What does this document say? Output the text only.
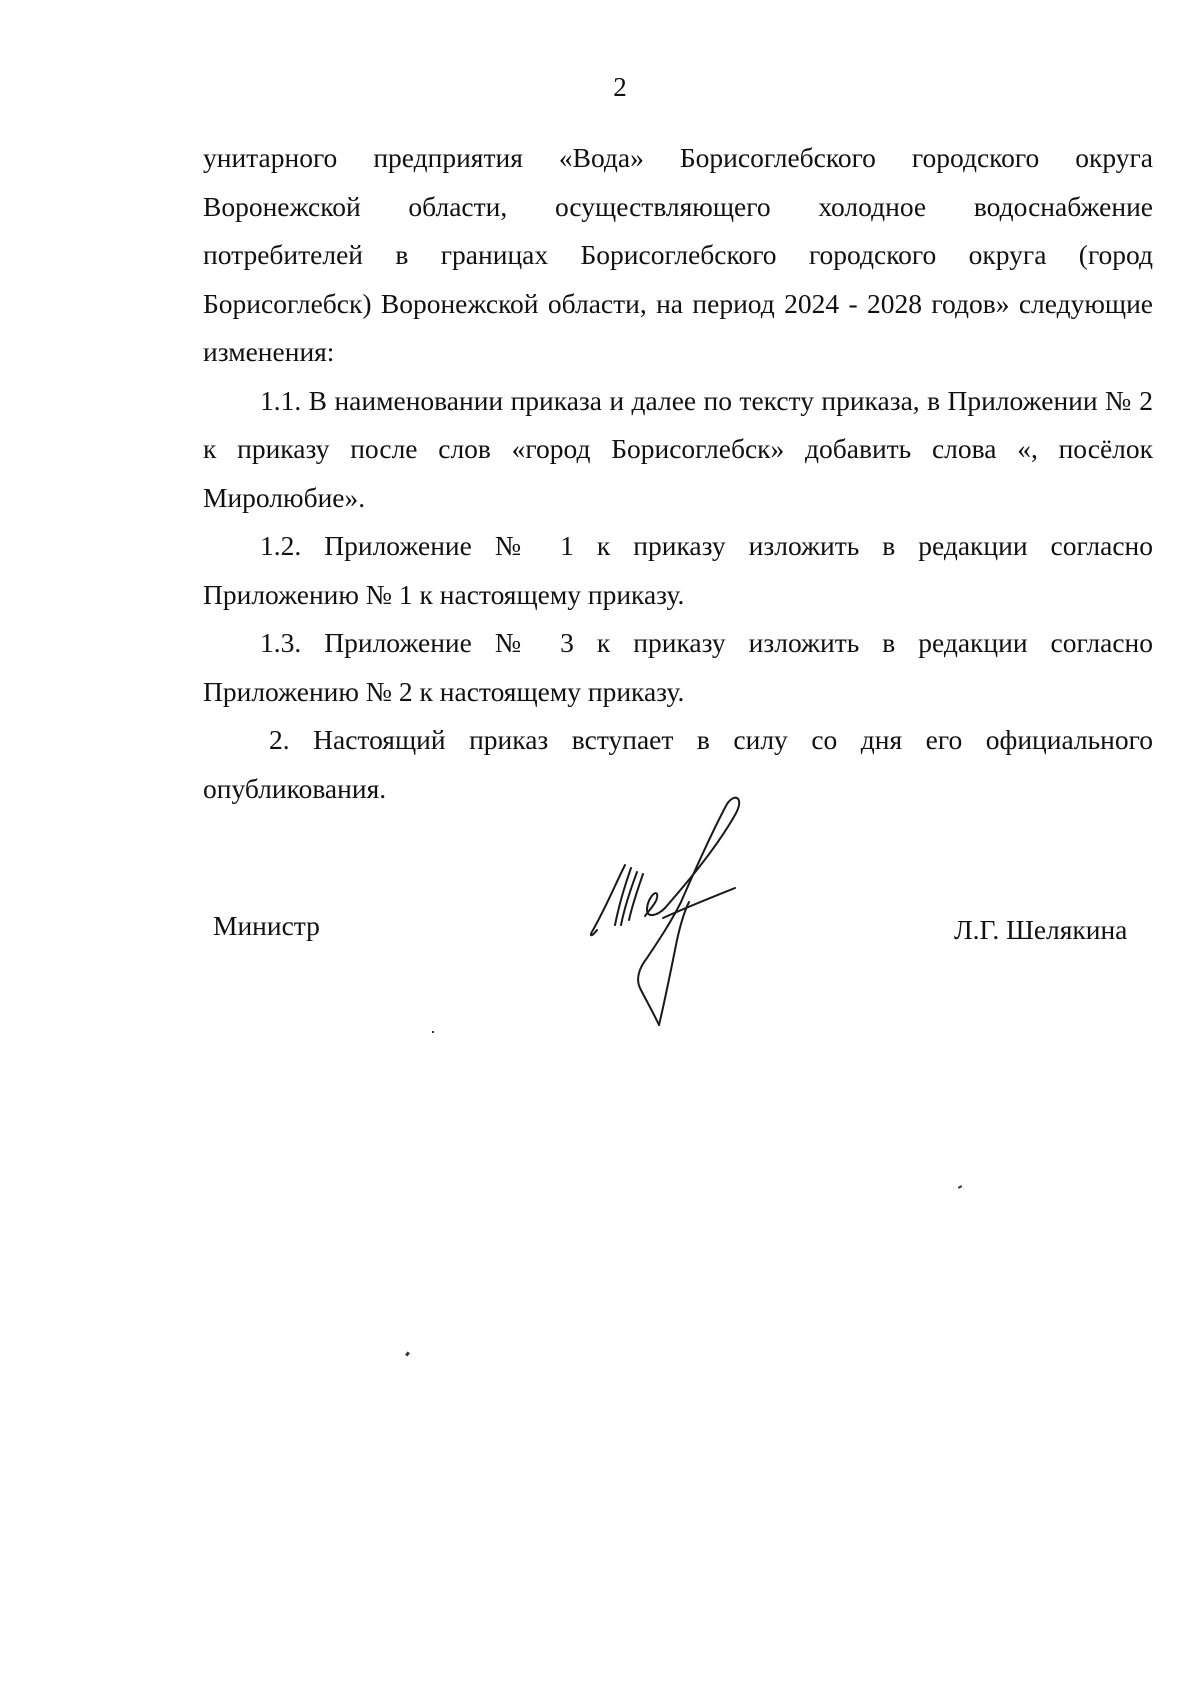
2

унитарного предприятия «Вода» Борисоглебского городского округа Воронежской области, осуществляющего холодное водоснабжение потребителей в границах Борисоглебского городского округа (город Борисоглебск) Воронежской области, на период 2024 - 2028 годов» следующие изменения:

1.1. В наименовании приказа и далее по тексту приказа, в Приложении № 2 к приказу после слов «город Борисоглебск» добавить слова «, посёлок Миролюбие».

1.2. Приложение № 1 к приказу изложить в редакции согласно Приложению № 1 к настоящему приказу.

1.3. Приложение № 3 к приказу изложить в редакции согласно Приложению № 2 к настоящему приказу.

2. Настоящий приказ вступает в силу со дня его официального опубликования.

Министр	Л.Г. Шелякина
